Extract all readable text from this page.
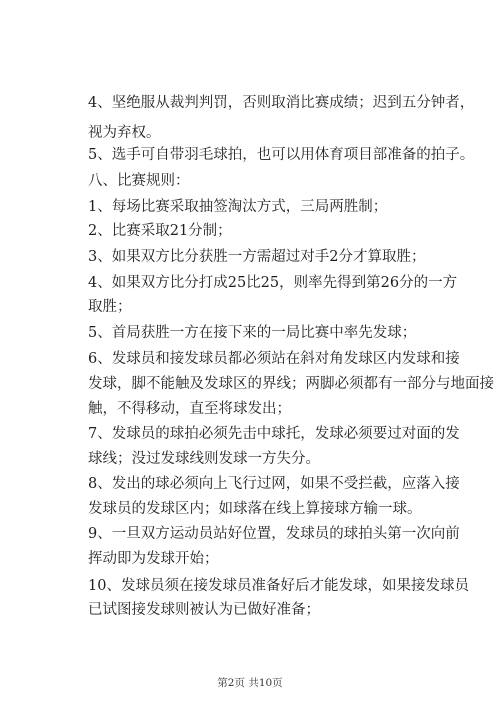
4、坚绝服从裁判判罚，否则取消比赛成绩；迟到五分钟者，
视为弃权。
5、选手可自带羽毛球拍，也可以用体育项目部准备的拍子。
八、比赛规则：
1、每场比赛采取抽签淘汰方式，三局两胜制；
2、比赛采取21分制；
3、如果双方比分获胜一方需超过对手2分才算取胜；
4、如果双方比分打成25比25，则率先得到第26分的一方
取胜；
5、首局获胜一方在接下来的一局比赛中率先发球；
6、发球员和接发球员都必须站在斜对角发球区内发球和接
发球，脚不能触及发球区的界线；两脚必须都有一部分与地面接
触，不得移动，直至将球发出；
7、发球员的球拍必须先击中球托，发球必须要过对面的发
球线；没过发球线则发球一方失分。
8、发出的球必须向上飞行过网，如果不受拦截，应落入接
发球员的发球区内；如球落在线上算接球方输一球。
9、一旦双方运动员站好位置，发球员的球拍头第一次向前
挥动即为发球开始；
10、发球员须在接发球员准备好后才能发球，如果接发球员
已试图接发球则被认为已做好准备；
第2页 共10页
